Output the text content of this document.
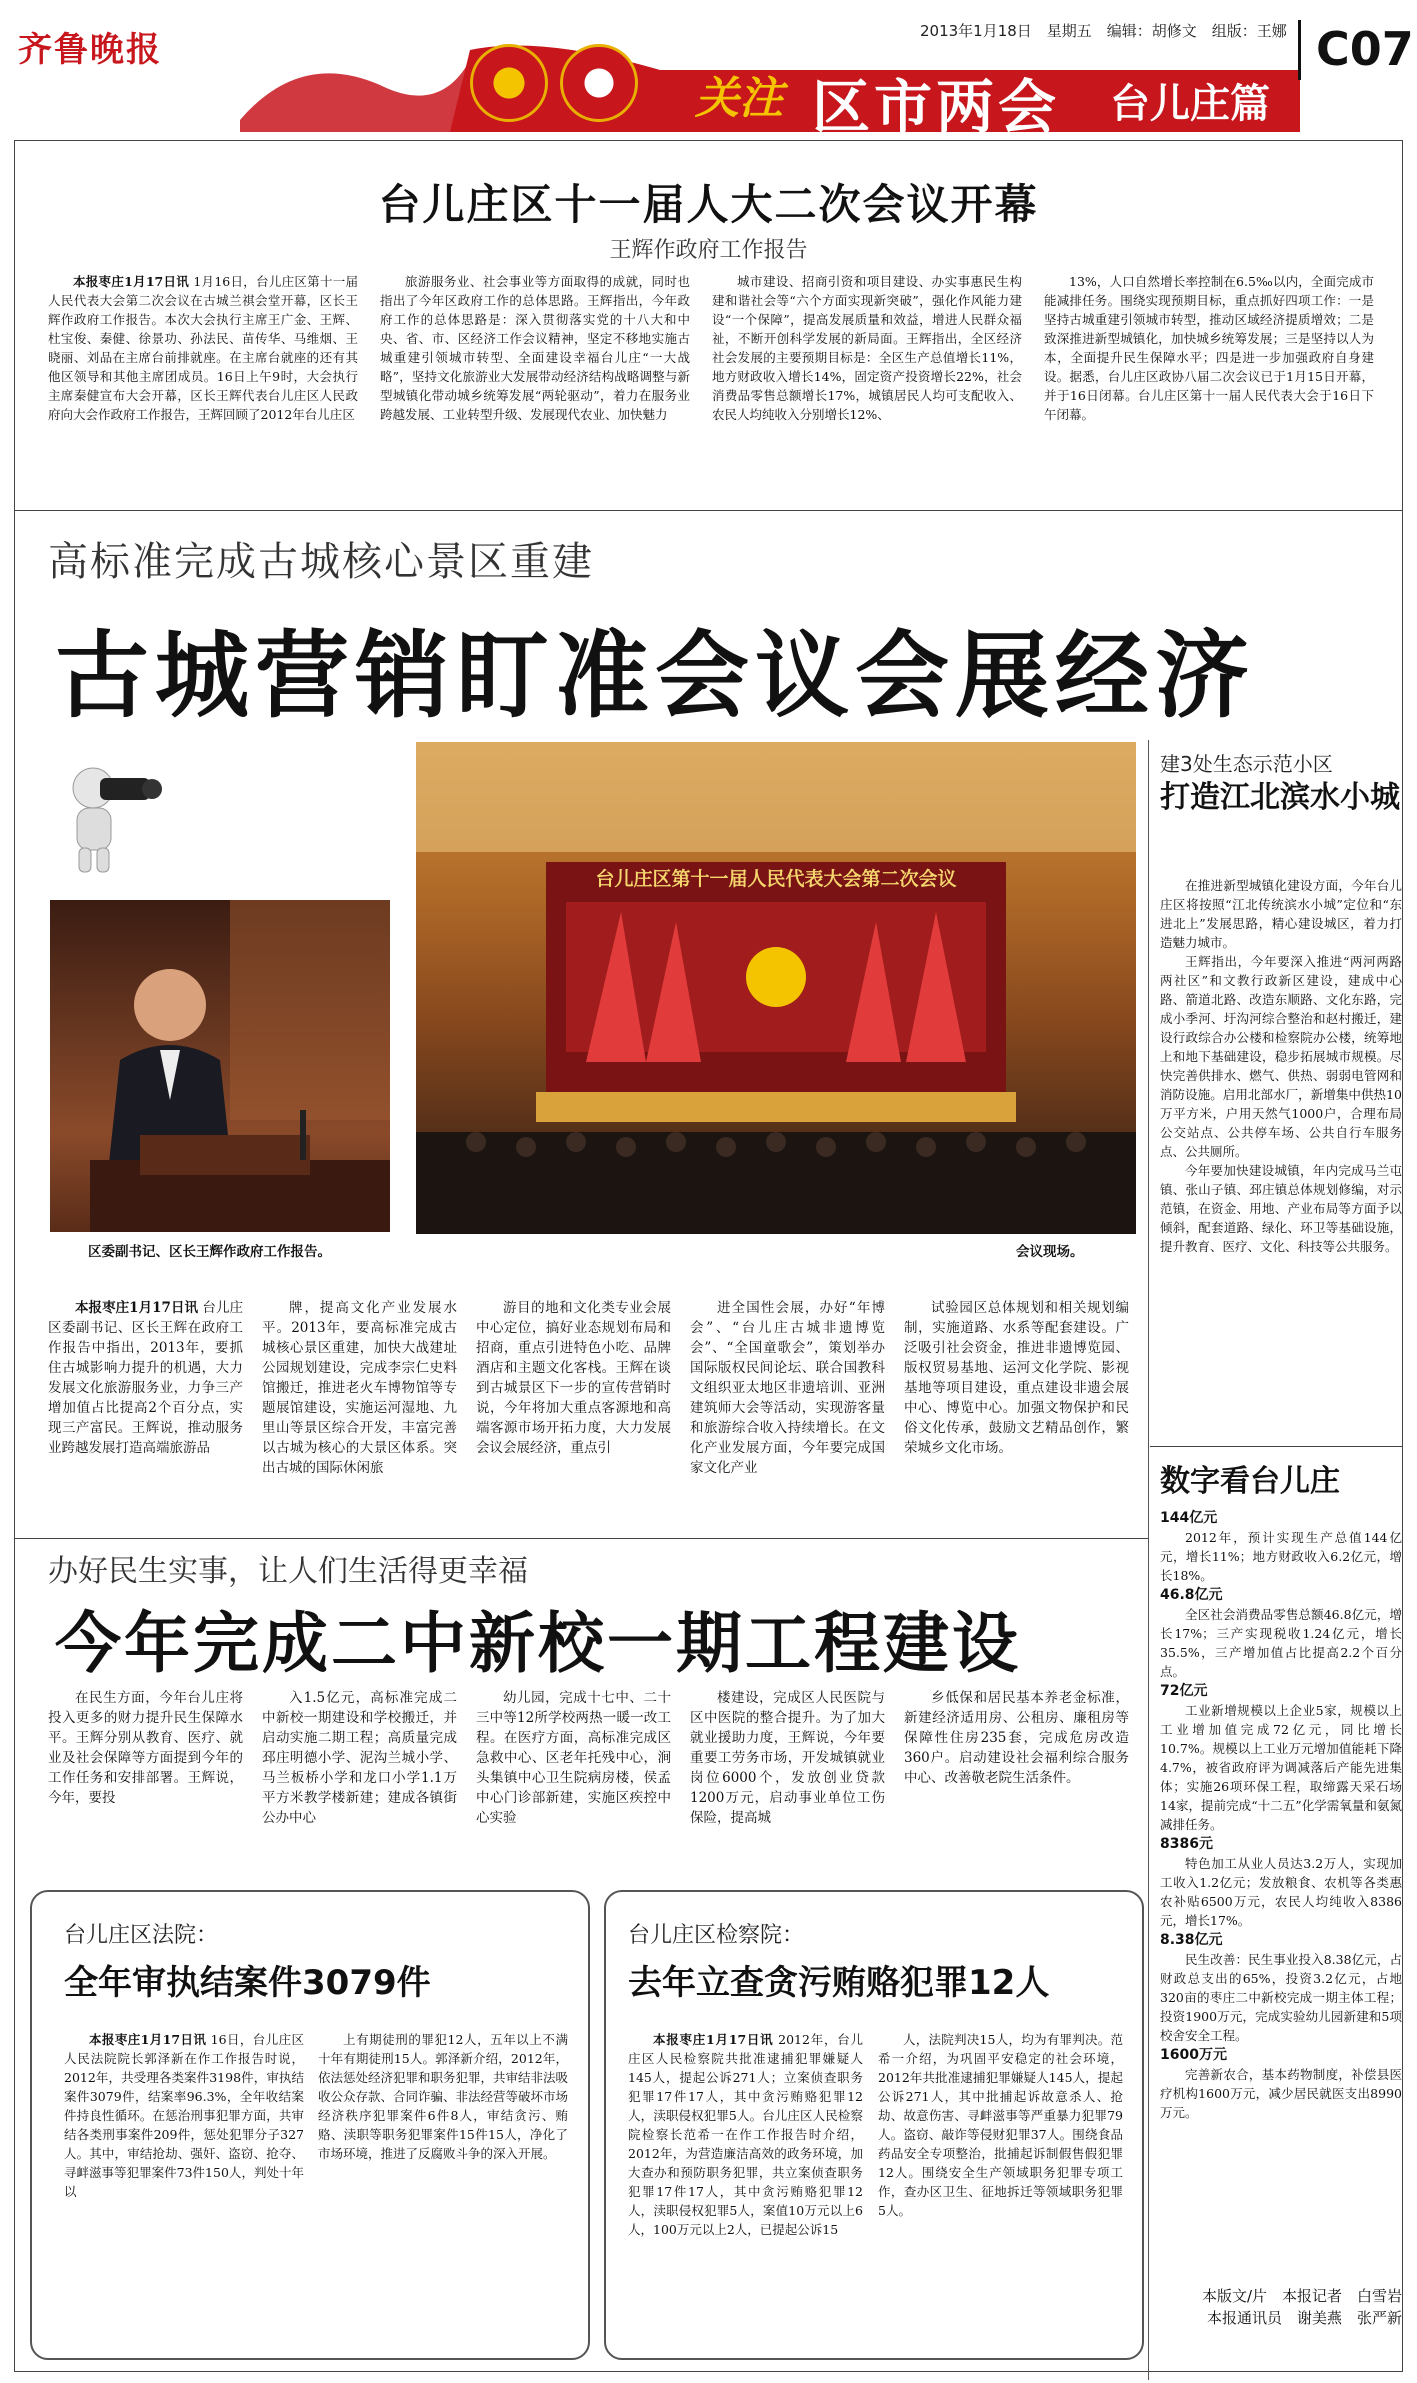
齐鲁晚报
关注 区市两会
2013年1月18日　星期五　编辑：胡修文　组版：王娜
今日枣庄
台儿庄篇
C07
台儿庄区十一届人大二次会议开幕
王辉作政府工作报告
本报枣庄1月17日讯 1月16日，台儿庄区第十一届人民代表大会第二次会议在古城兰祺会堂开幕，区长王辉作政府工作报告。本次大会执行主席王广金、王辉、杜宝俊、秦健、徐景功、孙法民、苗传华、马维烟、王晓丽、刘品在主席台前排就座。在主席台就座的还有其他区领导和其他主席团成员。16日上午9时，大会执行主席秦健宣布大会开幕，区长王辉代表台儿庄区人民政府向大会作政府工作报告，王辉回顾了2012年台儿庄区
旅游服务业、社会事业等方面取得的成就，同时也指出了今年区政府工作的总体思路。王辉指出，今年政府工作的总体思路是：深入贯彻落实党的十八大和中央、省、市、区经济工作会议精神，坚定不移地实施古城重建引领城市转型、全面建设幸福台儿庄“一大战略”，坚持文化旅游业大发展带动经济结构战略调整与新型城镇化带动城乡统筹发展“两轮驱动”，着力在服务业跨越发展、工业转型升级、发展现代农业、加快魅力
城市建设、招商引资和项目建设、办实事惠民生构建和谐社会等“六个方面实现新突破”，强化作风能力建设“一个保障”，提高发展质量和效益，增进人民群众福祉，不断开创科学发展的新局面。王辉指出，全区经济社会发展的主要预期目标是：全区生产总值增长11%，地方财政收入增长14%，固定资产投资增长22%，社会消费品零售总额增长17%，城镇居民人均可支配收入、农民人均纯收入分别增长12%、
13%，人口自然增长率控制在6.5‰以内，全面完成市能减排任务。围绕实现预期目标，重点抓好四项工作：一是坚持古城重建引领城市转型，推动区域经济提质增效；二是致深推进新型城镇化，加快城乡统筹发展；三是坚持以人为本，全面提升民生保障水平；四是进一步加强政府自身建设。据悉，台儿庄区政协八届二次会议已于1月15日开幕，并于16日闭幕。台儿庄区第十一届人民代表大会于16日下午闭幕。
高标准完成古城核心景区重建
古城营销盯准会议会展经济
区委副书记、区长王辉作政府工作报告。
台儿庄区第十一届人民代表大会第二次会议
会议现场。
本报枣庄1月17日讯 台儿庄区委副书记、区长王辉在政府工作报告中指出，2013年，要抓住古城影响力提升的机遇，大力发展文化旅游服务业，力争三产增加值占比提高2个百分点，实现三产富民。王辉说，推动服务业跨越发展打造高端旅游品
牌，提高文化产业发展水平。2013年，要高标准完成古城核心景区重建，加快大战建址公园规划建设，完成李宗仁史料馆搬迁，推进老火车博物馆等专题展馆建设，实施运河湿地、九里山等景区综合开发，丰富完善以古城为核心的大景区体系。突出古城的国际休闲旅
游目的地和文化类专业会展中心定位，搞好业态规划布局和招商，重点引进特色小吃、品牌酒店和主题文化客栈。王辉在谈到古城景区下一步的宣传营销时说，今年将加大重点客源地和高端客源市场开拓力度，大力发展会议会展经济，重点引
进全国性会展，办好“年博会”、“台儿庄古城非遗博览会”、“全国童歌会”，策划举办国际版权民间论坛、联合国教科文组织亚太地区非遗培训、亚洲建筑师大会等活动，实现游客量和旅游综合收入持续增长。在文化产业发展方面，今年要完成国家文化产业
试验园区总体规划和相关规划编制，实施道路、水系等配套建设。广泛吸引社会资金，推进非遗博览园、版权贸易基地、运河文化学院、影视基地等项目建设，重点建设非遗会展中心、博览中心。加强文物保护和民俗文化传承，鼓励文艺精品创作，繁荣城乡文化市场。
建3处生态示范小区
打造江北滨水小城

在推进新型城镇化建设方面，今年台儿庄区将按照“江北传统滨水小城”定位和“东进北上”发展思路，精心建设城区，着力打造魅力城市。

王辉指出，今年要深入推进“两河两路两社区”和文教行政新区建设，建成中心路、箭道北路、改造东顺路、文化东路，完成小季河、圩沟河综合整治和赵村搬迁，建设行政综合办公楼和检察院办公楼，统筹地上和地下基础建设，稳步拓展城市规模。尽快完善供排水、燃气、供热、弱弱电管网和消防设施。启用北部水厂，新增集中供热10万平方米，户用天然气1000户，合理布局公交站点、公共停车场、公共自行车服务点、公共厕所。

今年要加快建设城镇，年内完成马兰屯镇、张山子镇、邳庄镇总体规划修编，对示范镇，在资金、用地、产业布局等方面予以倾斜，配套道路、绿化、环卫等基础设施，提升教育、医疗、文化、科技等公共服务。

数字看台儿庄
144亿元

2012年，预计实现生产总值144亿元，增长11%；地方财政收入6.2亿元，增长18%。

46.8亿元

全区社会消费品零售总额46.8亿元，增长17%；三产实现税收1.24亿元，增长35.5%，三产增加值占比提高2.2个百分点。

72亿元

工业新增规模以上企业5家，规模以上工业增加值完成72亿元，同比增长10.7%。规模以上工业万元增加值能耗下降4.7%，被省政府评为调减落后产能先进集体；实施26项环保工程，取缔露天采石场14家，提前完成“十二五”化学需氧量和氨氮减排任务。

8386元

特色加工从业人员达3.2万人，实现加工收入1.2亿元；发放粮食、农机等各类惠农补贴6500万元，农民人均纯收入8386元，增长17%。

8.38亿元

民生改善：民生事业投入8.38亿元，占财政总支出的65%，投资3.2亿元，占地320亩的枣庄二中新校完成一期主体工程；投资1900万元，完成实验幼儿园新建和5项校舍安全工程。

1600万元

完善新农合，基本药物制度，补偿县医疗机构1600万元，减少居民就医支出8990万元。

本版文/片　本报记者　白雪岩　本报通讯员　谢美燕　张严新
办好民生实事，让人们生活得更幸福
今年完成二中新校一期工程建设
在民生方面，今年台儿庄将投入更多的财力提升民生保障水平。王辉分别从教育、医疗、就业及社会保障等方面提到今年的工作任务和安排部署。王辉说，今年，要投
入1.5亿元，高标准完成二中新校一期建设和学校搬迁，并启动实施二期工程；高质量完成邳庄明德小学、泥沟兰城小学、马兰板桥小学和龙口小学1.1万平方米教学楼新建；建成各镇街公办中心
幼儿园，完成十七中、二十三中等12所学校两热一暖一改工程。在医疗方面，高标准完成区急救中心、区老年托残中心，涧头集镇中心卫生院病房楼，侯孟中心门诊部新建，实施区疾控中心实验
楼建设，完成区人民医院与区中医院的整合提升。为了加大就业援助力度，王辉说，今年要重要工劳务市场，开发城镇就业岗位6000个，发放创业贷款1200万元，启动事业单位工伤保险，提高城
乡低保和居民基本养老金标准，新建经济适用房、公租房、廉租房等保障性住房235套，完成危房改造360户。启动建设社会福利综合服务中心、改善敬老院生活条件。
台儿庄区法院：
全年审执结案件3079件
本报枣庄1月17日讯 16日，台儿庄区人民法院院长郭泽新在作工作报告时说，2012年，共受理各类案件3198件，审执结案件3079件，结案率96.3%，全年收结案件持良性循环。在惩治刑事犯罪方面，共审结各类刑事案件209件，惩处犯罪分子327人。其中，审结抢劫、强奸、盗窃、抢夺、寻衅滋事等犯罪案件73件150人，判处十年以
上有期徒刑的罪犯12人，五年以上不满十年有期徒刑15人。郭泽新介绍，2012年，依法惩处经济犯罪和职务犯罪，共审结非法吸收公众存款、合同诈骗、非法经营等破坏市场经济秩序犯罪案件6件8人，审结贪污、贿赂、渎职等职务犯罪案件15件15人，净化了市场环境，推进了反腐败斗争的深入开展。
台儿庄区检察院：
去年立查贪污贿赂犯罪12人
本报枣庄1月17日讯 2012年，台儿庄区人民检察院共批准逮捕犯罪嫌疑人145人，提起公诉271人；立案侦查职务犯罪17件17人，其中贪污贿赂犯罪12人，渎职侵权犯罪5人。台儿庄区人民检察院检察长范希一在作工作报告时介绍，2012年，为营造廉洁高效的政务环境，加大查办和预防职务犯罪，共立案侦查职务犯罪17件17人，其中贪污贿赂犯罪12人，渎职侵权犯罪5人，案值10万元以上6人，100万元以上2人，已提起公诉15
人，法院判决15人，均为有罪判决。范希一介绍，为巩固平安稳定的社会环境，2012年共批准逮捕犯罪嫌疑人145人，提起公诉271人，其中批捕起诉故意杀人、抢劫、故意伤害、寻衅滋事等严重暴力犯罪79人。盗窃、敲诈等侵财犯罪37人。围绕食品药品安全专项整治，批捕起诉制假售假犯罪12人。围绕安全生产领域职务犯罪专项工作，查办区卫生、征地拆迁等领域职务犯罪5人。
